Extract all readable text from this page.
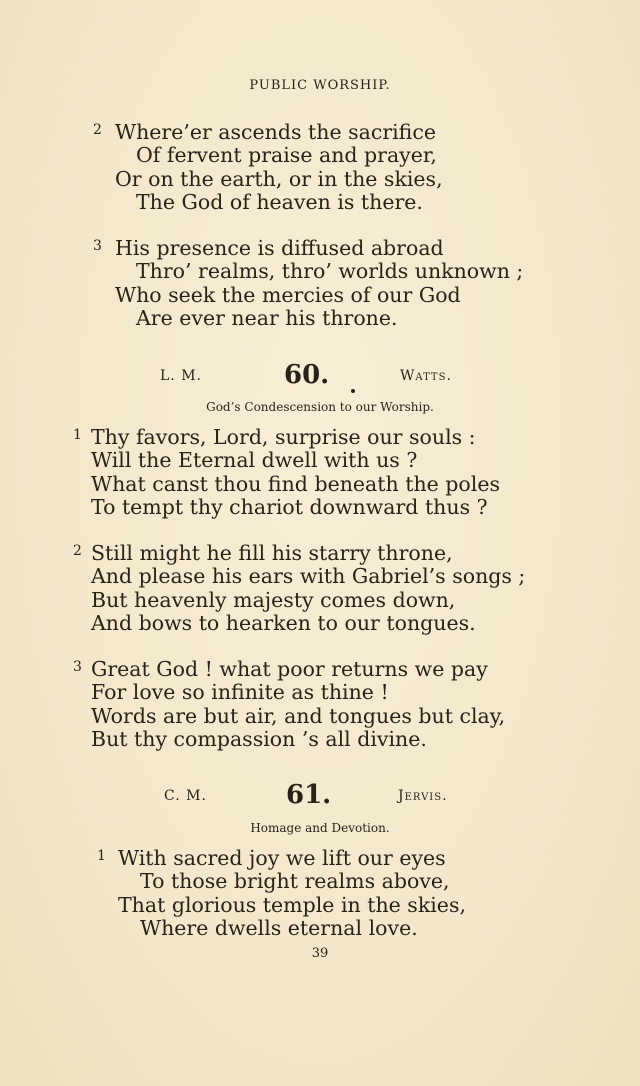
PUBLIC WORSHIP.
2 Where’er ascends the sacrifice
Of fervent praise and prayer,
Or on the earth, or in the skies,
The God of heaven is there.
3 His presence is diffused abroad
Thro’ realms, thro’ worlds unknown ;
Who seek the mercies of our God
Are ever near his throne.
L. M.	60.	Watts.
God’s Condescension to our Worship.
1 Thy favors, Lord, surprise our souls :
Will the Eternal dwell with us ?
What canst thou find beneath the poles
To tempt thy chariot downward thus ?
2 Still might he fill his starry throne,
And please his ears with Gabriel’s songs ;
But heavenly majesty comes down,
And bows to hearken to our tongues.
3 Great God ! what poor returns we pay
For love so infinite as thine !
Words are but air, and tongues but clay,
But thy compassion ’s all divine.
C. M.	61.	Jervis.
Homage and Devotion.
1 With sacred joy we lift our eyes
To those bright realms above,
That glorious temple in the skies,
Where dwells eternal love.
39
